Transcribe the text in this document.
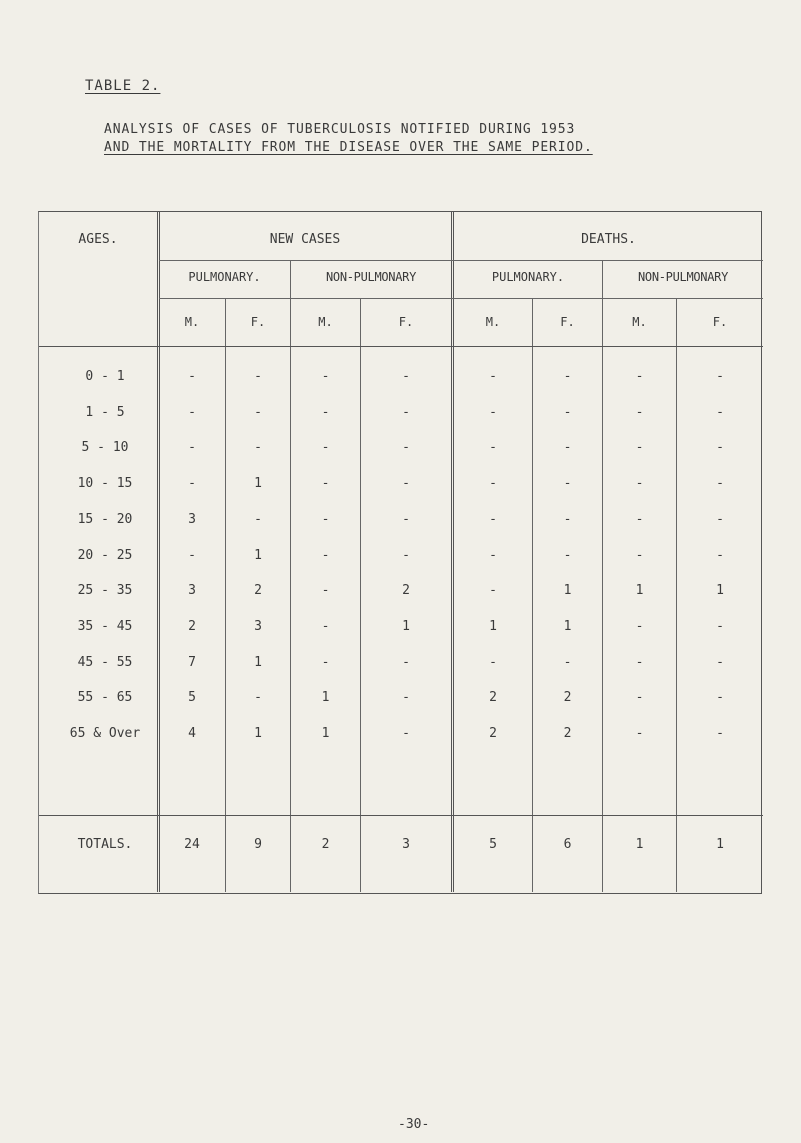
TABLE 2.
ANALYSIS OF CASES OF TUBERCULOSIS NOTIFIED DURING 1953
AND THE MORTALITY FROM THE DISEASE OVER THE SAME PERIOD.
AGES.	NEW CASES	DEATHS.
PULMONARY.	NON-PULMONARY	PULMONARY.	NON-PULMONARY
M.	F.	M.	F.	M.	F.	M.	F.
0 - 1	-	-	-	-	-	-	-	-
1 - 5	-	-	-	-	-	-	-	-
5 - 10	-	-	-	-	-	-	-	-
10 - 15	-	1	-	-	-	-	-	-
15 - 20	3	-	-	-	-	-	-	-
20 - 25	-	1	-	-	-	-	-	-
25 - 35	3	2	-	2	-	1	1	1
35 - 45	2	3	-	1	1	1	-	-
45 - 55	7	1	-	-	-	-	-	-
55 - 65	5	-	1	-	2	2	-	-
65 & Over	4	1	1	-	2	2	-	-
TOTALS.	24	9	2	3	5	6	1	1
-30-
